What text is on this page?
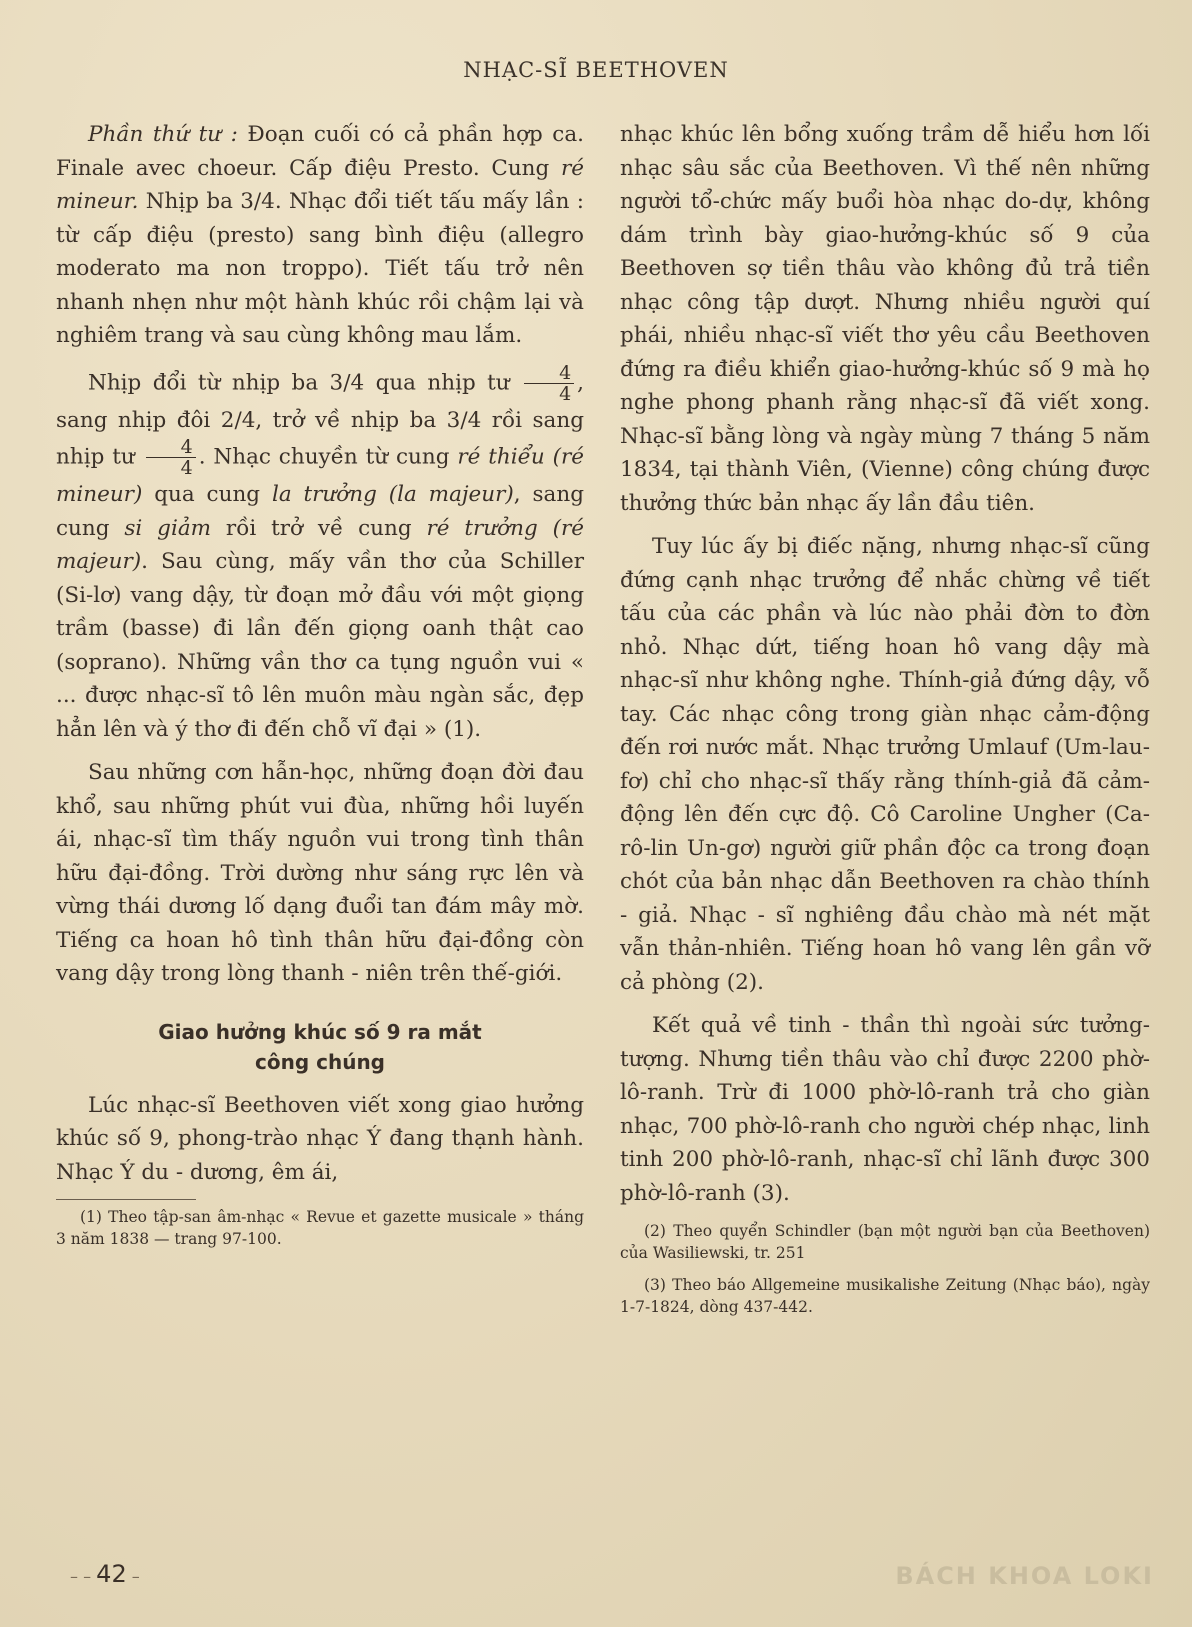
NHẠC-SĨ BEETHOVEN

Phần thứ tư : Đoạn cuối có cả phần hợp ca. Finale avec choeur. Cấp điệu Presto. Cung ré mineur. Nhịp ba 3/4. Nhạc đổi tiết tấu mấy lần : từ cấp điệu (presto) sang bình điệu (allegro moderato ma non troppo). Tiết tấu trở nên nhanh nhẹn như một hành khúc rồi chậm lại và nghiêm trang và sau cùng không mau lắm.

Nhịp đổi từ nhịp ba 3/4 qua nhịp tư $\frac{4}{4}$ , sang nhịp đôi 2/4, trở về nhịp ba 3/4 rồi sang nhịp tư $\frac{4}{4}$ . Nhạc chuyền từ cung ré thiểu (ré mineur) qua cung la trưởng (la majeur), sang cung si giảm rồi trở về cung ré trưởng (ré majeur). Sau cùng, mấy vần thơ của Schiller (Si-lơ) vang dậy, từ đoạn mở đầu với một giọng trầm (basse) đi lần đến giọng oanh thật cao (soprano). Những vần thơ ca tụng nguồn vui « ... được nhạc-sĩ tô lên muôn màu ngàn sắc, đẹp hẳn lên và ý thơ đi đến chỗ vĩ đại » (1).

Sau những cơn hẫn-học, những đoạn đời đau khổ, sau những phút vui đùa, những hồi luyến ái, nhạc-sĩ tìm thấy nguồn vui trong tình thân hữu đại-đồng. Trời dường như sáng rực lên và vừng thái dương lố dạng đuổi tan đám mây mờ. Tiếng ca hoan hô tình thân hữu đại-đồng còn vang dậy trong lòng thanh - niên trên thế-giới.

Giao hưởng khúc số 9 ra mắt
công chúng

Lúc nhạc-sĩ Beethoven viết xong giao hưởng khúc số 9, phong-trào nhạc Ý đang thạnh hành. Nhạc Ý du - dương, êm ái,

(1) Theo tập-san âm-nhạc « Revue et gazette musicale » tháng 3 năm 1838 — trang 97-100.

nhạc khúc lên bổng xuống trầm dễ hiểu hơn lối nhạc sâu sắc của Beethoven. Vì thế nên những người tổ-chức mấy buổi hòa nhạc do-dự, không dám trình bày giao-hưởng-khúc số 9 của Beethoven sợ tiền thâu vào không đủ trả tiền nhạc công tập dượt. Nhưng nhiều người quí phái, nhiều nhạc-sĩ viết thơ yêu cầu Beethoven đứng ra điều khiển giao-hưởng-khúc số 9 mà họ nghe phong phanh rằng nhạc-sĩ đã viết xong. Nhạc-sĩ bằng lòng và ngày mùng 7 tháng 5 năm 1834, tại thành Viên, (Vienne) công chúng được thưởng thức bản nhạc ấy lần đầu tiên.

Tuy lúc ấy bị điếc nặng, nhưng nhạc-sĩ cũng đứng cạnh nhạc trưởng để nhắc chừng về tiết tấu của các phần và lúc nào phải đờn to đờn nhỏ. Nhạc dứt, tiếng hoan hô vang dậy mà nhạc-sĩ như không nghe. Thính-giả đứng dậy, vỗ tay. Các nhạc công trong giàn nhạc cảm-động đến rơi nước mắt. Nhạc trưởng Umlauf (Um-lau-fơ) chỉ cho nhạc-sĩ thấy rằng thính-giả đã cảm-động lên đến cực độ. Cô Caroline Ungher (Ca-rô-lin Un-gơ) người giữ phần độc ca trong đoạn chót của bản nhạc dẫn Beethoven ra chào thính - giả. Nhạc - sĩ nghiêng đầu chào mà nét mặt vẫn thản-nhiên. Tiếng hoan hô vang lên gần vỡ cả phòng (2).

Kết quả về tinh - thần thì ngoài sức tưởng-tượng. Nhưng tiền thâu vào chỉ được 2200 phờ-lô-ranh. Trừ đi 1000 phờ-lô-ranh trả cho giàn nhạc, 700 phờ-lô-ranh cho người chép nhạc, linh tinh 200 phờ-lô-ranh, nhạc-sĩ chỉ lãnh được 300 phờ-lô-ranh (3).

(2) Theo quyển Schindler (bạn một người bạn của Beethoven) của Wasiliewski, tr. 251

(3) Theo báo Allgemeine musikalishe Zeitung (Nhạc báo), ngày 1-7-1824, dòng 437-442.

– – 42 –	BÁCH KHOA LOKI
